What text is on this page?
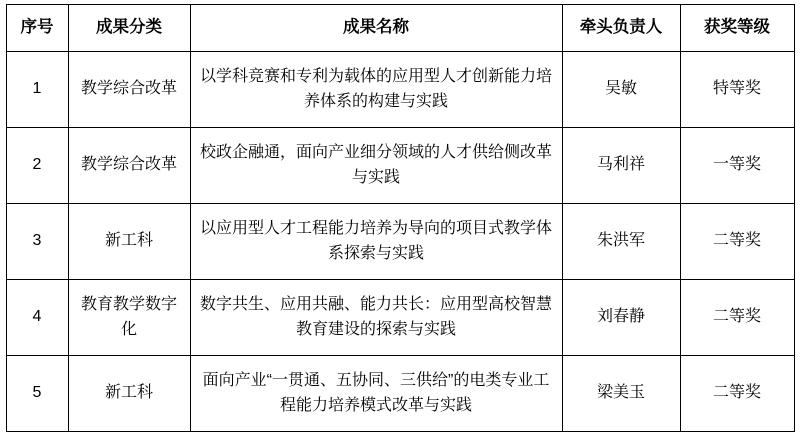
序号	成果分类	成果名称	牵头负责人	获奖等级
1	教学综合改革	以学科竞赛和专利为载体的应用型人才创新能力培养体系的构建与实践	吴敏	特等奖
2	教学综合改革	校政企融通，面向产业细分领域的人才供给侧改革与实践	马利祥	一等奖
3	新工科	以应用型人才工程能力培养为导向的项目式教学体系探索与实践	朱洪军	二等奖
4	教育教学数字化	数字共生、应用共融、能力共长：应用型高校智慧教育建设的探索与实践	刘春静	二等奖
5	新工科	面向产业“一贯通、五协同、三供给”的电类专业工程能力培养模式改革与实践	梁美玉	二等奖
